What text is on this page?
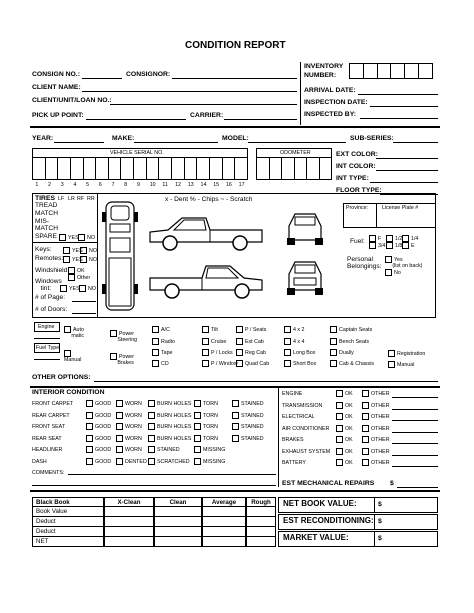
CONDITION REPORT
CONSIGN NO.:	CONSIGNOR:
INVENTORY
NUMBER:
CLIENT NAME:	ARRIVAL DATE:
CLIENT/UNIT/LOAN NO.:	INSPECTION DATE:
PICK UP POINT:	CARRIER:	INSPECTED BY:
YEAR:	MAKE:	MODEL:	SUB-SERIES:
VEHICLE SERIAL NO.	ODOMETER	EXT COLOR:
INT COLOR:
INT TYPE:
FLOOR TYPE:
TIRES LF LR RF RR
TREAD
MATCH
MIS-
MATCH
SPARE	YES	NO
Keys:	YES	NO
Remotes:	YES	NO
Windshield:	OK
Other
Windows
tint:	YES	NO
# of Page:
# of Doors:
x - Dent % - Chips ~ - Scratch
Province:	License Plate #
Fuel:	F	1/2	1/4
3/4	1/8	E
Personal
Belongings:
Yes
(list on back)
No
Engine
Fuel Type
Auto
matic

Manual
Power
Steering
Power
Brakes
Registration
Manual
OTHER OPTIONS:
INTERIOR CONDITION
EST MECHANICAL REPAIRS $
NET BOOK VALUE:	$
EST RECONDITIONING: $
MARKET VALUE:	$
1 2 3 4 5 6 7 8 9 10 11 12 13 14 15 16 17
A/C
Radio
Tape
CD
Tilt
Cruise
P / Locks
P / Window
P / Seats
Ext Cab
Reg Cab
Quad Cab
4 x 2
4 x 4
Long Box
Short Box
Captain Seats
Bench Seats
Dually
Cab & Chassis
FRONT CARPET	GOOD	WORN	BURN HOLES	TORN	STAINED
REAR CARPET	GOOD	WORN	BURN HOLES	TORN	STAINED
FRONT SEAT	GOOD	WORN	BURN HOLES	TORN	STAINED
REAR SEAT	GOOD	WORN	BURN HOLES	TORN	STAINED
HEADLINER	GOOD	WORN	STAINED	MISSING
DASH	GOOD	DENTED	SCRATCHED	MISSING
COMMENTS:
ENGINE	OK	OTHER
TRANSMISSION	OK	OTHER
ELECTRICAL	OK	OTHER
AIR CONDITIONER	OK	OTHER
BRAKES	OK	OTHER
EXHAUST SYSTEM	OK	OTHER
BATTERY	OK	OTHER
Black Book	X-Clean	Clean	Average	Rough
Book Value
Deduct
Deduct
NET
